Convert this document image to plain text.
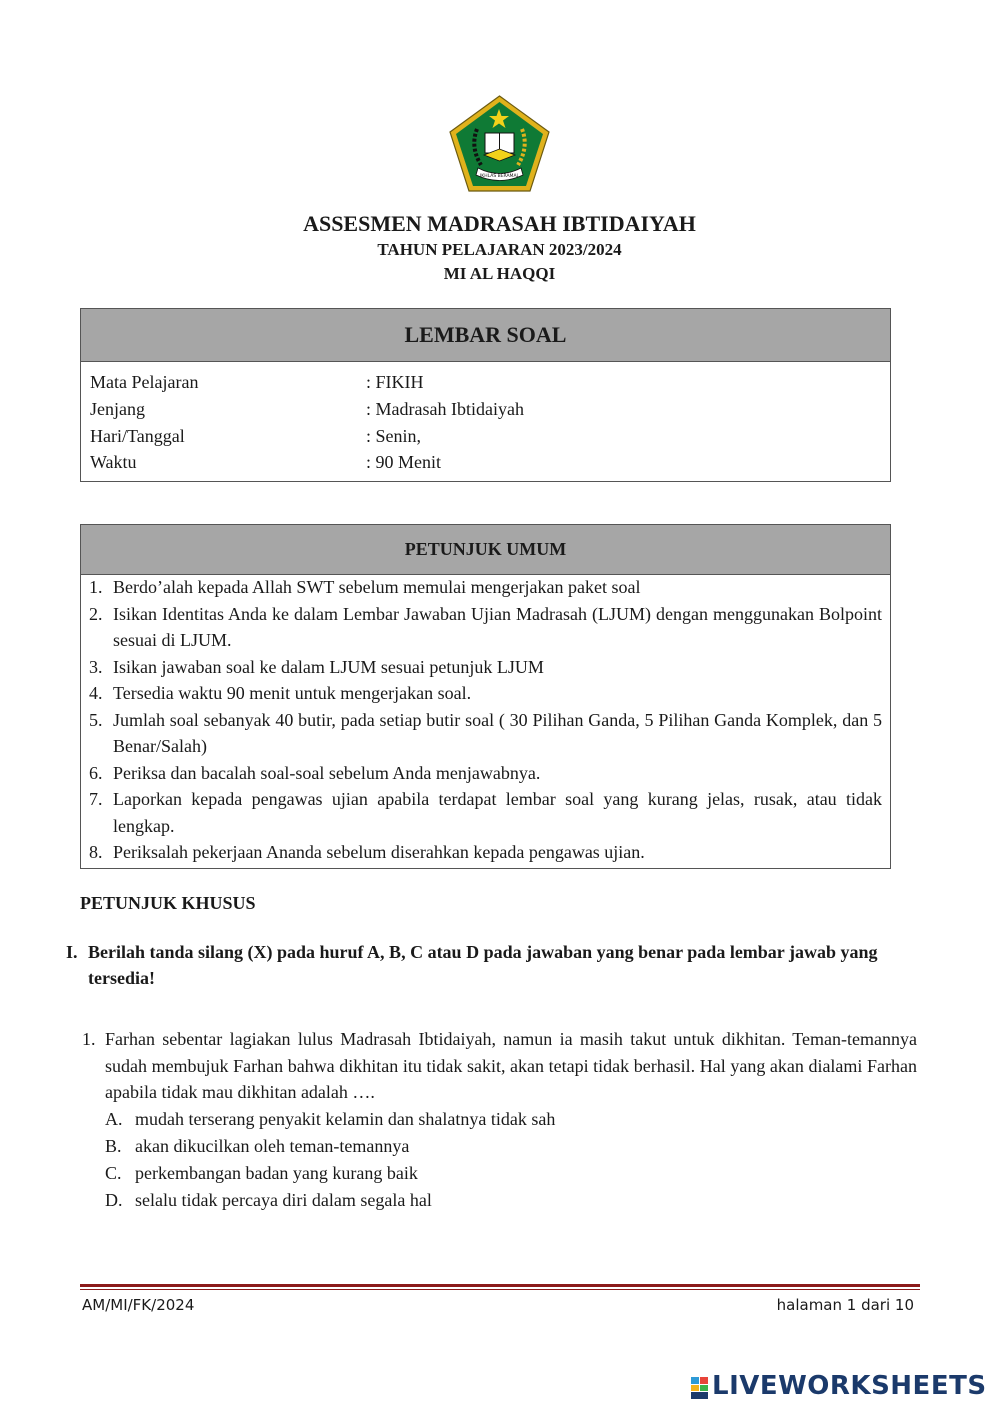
IKHLAS BERAMAL
ASSESMEN MADRASAH IBTIDAIYAH
TAHUN PELAJARAN 2023/2024
MI AL HAQQI
LEMBAR SOAL
Mata Pelajaran	: FIKIH
Jenjang	: Madrasah Ibtidaiyah
Hari/Tanggal	: Senin,
Waktu	: 90 Menit
PETUNJUK UMUM
1. Berdo’alah kepada Allah SWT sebelum memulai mengerjakan paket soal
2. Isikan Identitas Anda ke dalam Lembar Jawaban Ujian Madrasah (LJUM) dengan menggunakan Bolpoint sesuai di LJUM.
3. Isikan jawaban soal ke dalam LJUM sesuai petunjuk LJUM
4. Tersedia waktu 90 menit untuk mengerjakan soal.
5. Jumlah soal sebanyak 40 butir, pada setiap butir soal ( 30 Pilihan Ganda, 5 Pilihan Ganda Komplek, dan 5 Benar/Salah)
6. Periksa dan bacalah soal-soal sebelum Anda menjawabnya.
7. Laporkan kepada pengawas ujian apabila terdapat lembar soal yang kurang jelas, rusak, atau tidak lengkap.
8. Periksalah pekerjaan Ananda sebelum diserahkan kepada pengawas ujian.
PETUNJUK KHUSUS
I. Berilah tanda silang (X) pada huruf A, B, C atau D pada jawaban yang benar pada lembar jawab yang tersedia!
1. Farhan sebentar lagiakan lulus Madrasah Ibtidaiyah, namun ia masih takut untuk dikhitan. Teman-temannya sudah membujuk Farhan bahwa dikhitan itu tidak sakit, akan tetapi tidak berhasil. Hal yang akan dialami Farhan apabila tidak mau dikhitan adalah ….
A. mudah terserang penyakit kelamin dan shalatnya tidak sah
B. akan dikucilkan oleh teman-temannya
C. perkembangan badan yang kurang baik
D. selalu tidak percaya diri dalam segala hal
AM/MI/FK/2024	halaman 1 dari 10
LIVEWORKSHEETS
